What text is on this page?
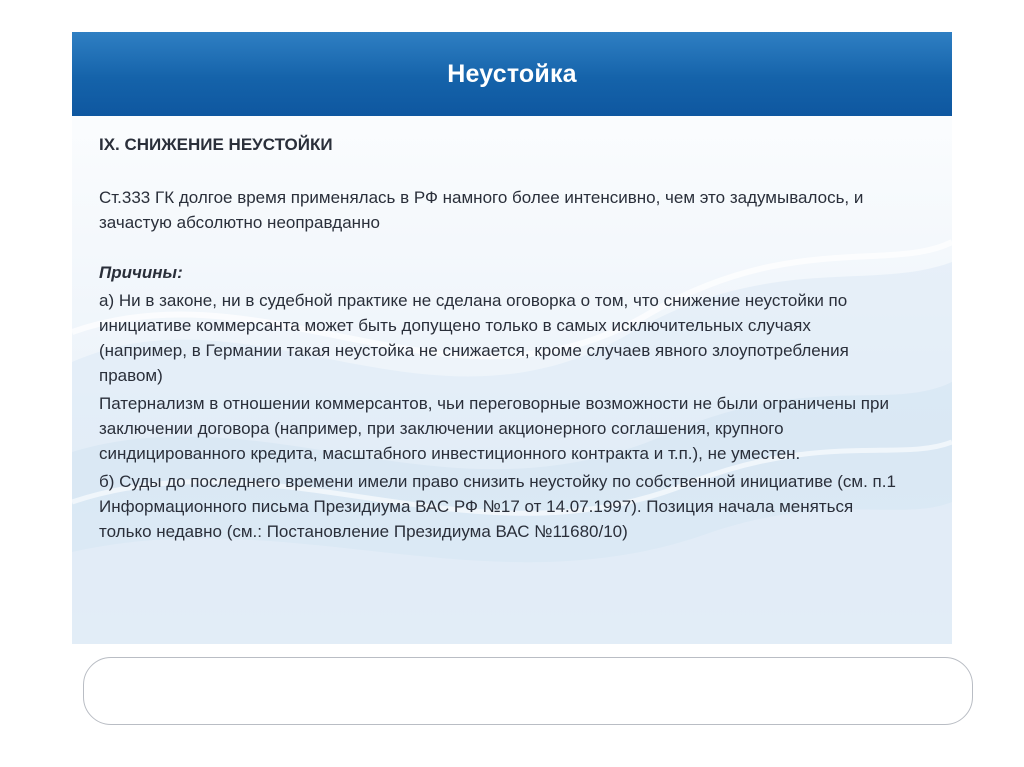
Неустойка

IX. СНИЖЕНИЕ НЕУСТОЙКИ

Ст.333 ГК долгое время применялась в РФ намного более интенсивно, чем это задумывалось, и зачастую абсолютно неоправданно

Причины:

а) Ни в законе, ни в судебной практике не сделана оговорка о том, что снижение неустойки по инициативе коммерсанта может быть допущено только в самых исключительных случаях (например, в Германии такая неустойка не снижается, кроме случаев явного злоупотребления правом)

Патернализм в отношении коммерсантов, чьи переговорные возможности не были ограничены при заключении договора (например, при заключении акционерного соглашения, крупного синдицированного кредита, масштабного инвестиционного контракта и т.п.), не уместен.

б) Суды до последнего времени имели право снизить неустойку по собственной инициативе (см. п.1 Информационного письма Президиума ВАС РФ №17 от 14.07.1997). Позиция начала меняться только недавно (см.: Постановление Президиума ВАС №11680/10)
